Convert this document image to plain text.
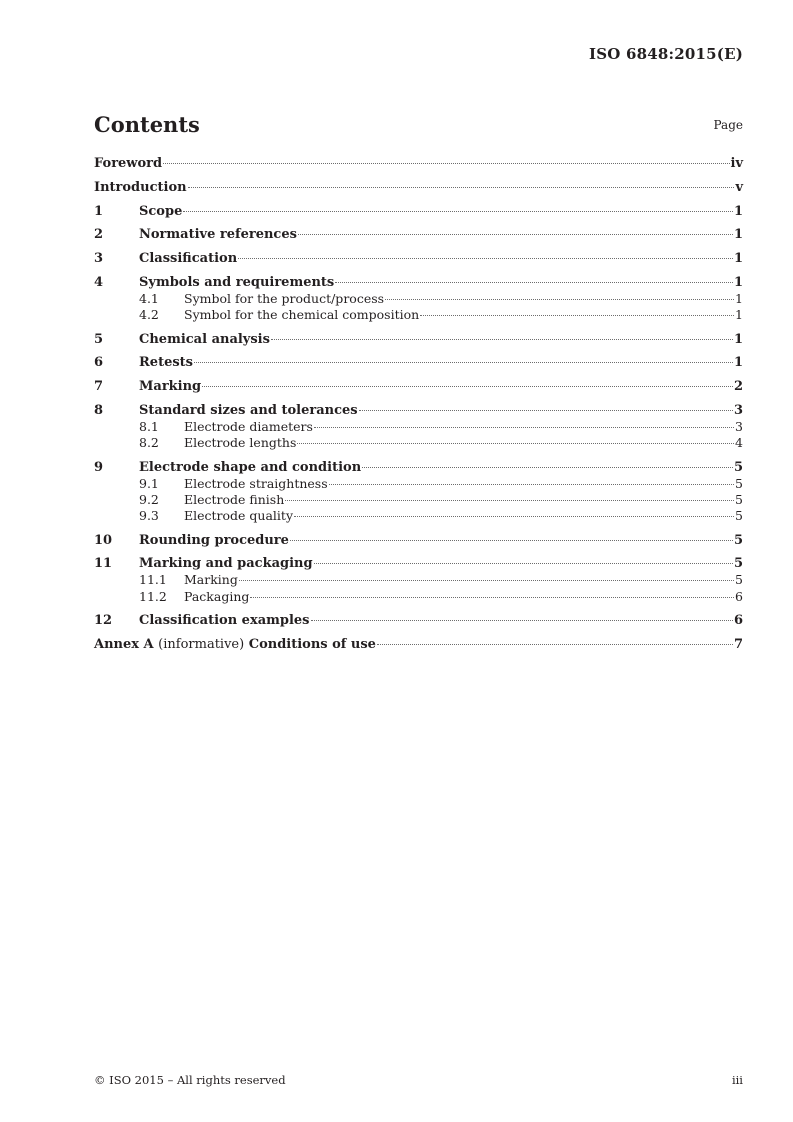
ISO 6848:2015(E)
Contents	Page
Foreword	iv
Introduction	v
1	Scope	1
2	Normative references	1
3	Classification	1
4	Symbols and requirements	1
4.1	Symbol for the product/process	1
4.2	Symbol for the chemical composition	1
5	Chemical analysis	1
6	Retests	1
7	Marking	2
8	Standard sizes and tolerances	3
8.1	Electrode diameters	3
8.2	Electrode lengths	4
9	Electrode shape and condition	5
9.1	Electrode straightness	5
9.2	Electrode finish	5
9.3	Electrode quality	5
10	Rounding procedure	5
11	Marking and packaging	5
11.1	Marking	5
11.2	Packaging	6
12	Classification examples	6
Annex A (informative) Conditions of use	7
© ISO 2015 – All rights reserved	iii
